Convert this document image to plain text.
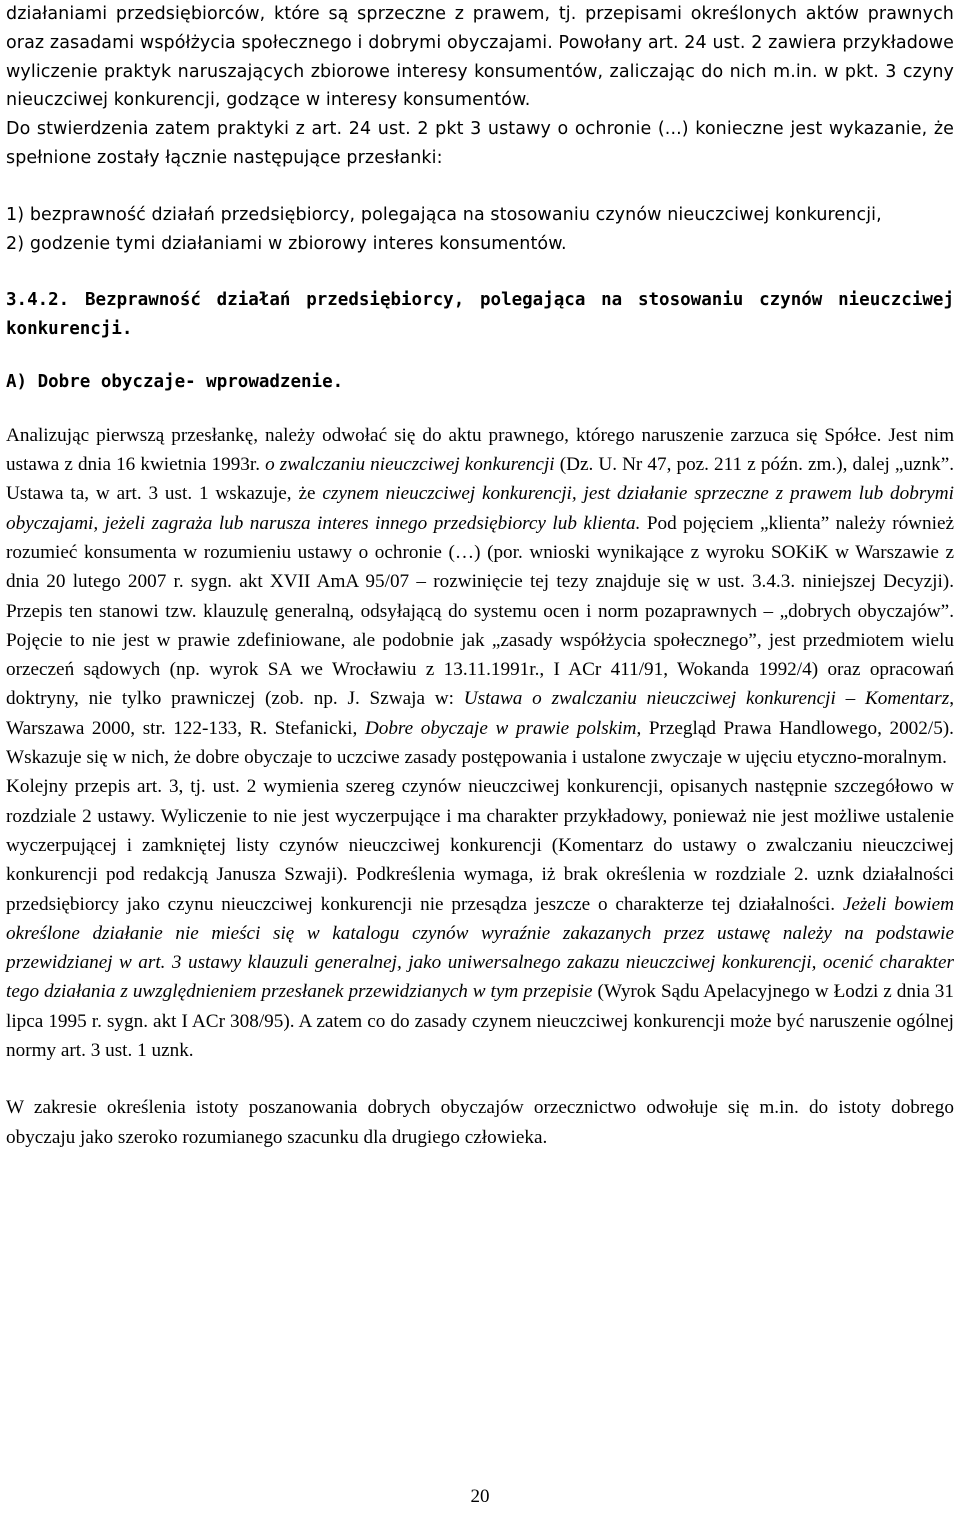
działaniami przedsiębiorców, które są sprzeczne z prawem, tj. przepisami określonych aktów prawnych oraz zasadami współżycia społecznego i dobrymi obyczajami. Powołany art. 24 ust. 2 zawiera przykładowe wyliczenie praktyk naruszających zbiorowe interesy konsumentów, zaliczając do nich m.in. w pkt. 3 czyny nieuczciwej konkurencji, godzące w interesy konsumentów.

Do stwierdzenia zatem praktyki z art. 24 ust. 2 pkt 3 ustawy o ochronie (...) konieczne jest wykazanie, że spełnione zostały łącznie następujące przesłanki:

1) bezprawność działań przedsiębiorcy, polegająca na stosowaniu czynów nieuczciwej konkurencji,

2) godzenie tymi działaniami w zbiorowy interes konsumentów.

3.4.2. Bezprawność działań przedsiębiorcy, polegająca na stosowaniu czynów nieuczciwej konkurencji.

A) Dobre obyczaje- wprowadzenie.

Analizując pierwszą przesłankę, należy odwołać się do aktu prawnego, którego naruszenie zarzuca się Spółce. Jest nim ustawa z dnia 16 kwietnia 1993r. o zwalczaniu nieuczciwej konkurencji (Dz. U. Nr 47, poz. 211 z późn. zm.), dalej „uznk”. Ustawa ta, w art. 3 ust. 1 wskazuje, że czynem nieuczciwej konkurencji, jest działanie sprzeczne z prawem lub dobrymi obyczajami, jeżeli zagraża lub narusza interes innego przedsiębiorcy lub klienta. Pod pojęciem „klienta” należy również rozumieć konsumenta w rozumieniu ustawy o ochronie (…) (por. wnioski wynikające z wyroku SOKiK w Warszawie z dnia 20 lutego 2007 r. sygn. akt XVII AmA 95/07 – rozwinięcie tej tezy znajduje się w ust. 3.4.3. niniejszej Decyzji). Przepis ten stanowi tzw. klauzulę generalną, odsyłającą do systemu ocen i norm pozaprawnych – „dobrych obyczajów”. Pojęcie to nie jest w prawie zdefiniowane, ale podobnie jak „zasady współżycia społecznego”, jest przedmiotem wielu orzeczeń sądowych (np. wyrok SA we Wrocławiu z 13.11.1991r., I ACr 411/91, Wokanda 1992/4) oraz opracowań doktryny, nie tylko prawniczej (zob. np. J. Szwaja w: Ustawa o zwalczaniu nieuczciwej konkurencji – Komentarz, Warszawa 2000, str. 122-133, R. Stefanicki, Dobre obyczaje w prawie polskim, Przegląd Prawa Handlowego, 2002/5). Wskazuje się w nich, że dobre obyczaje to uczciwe zasady postępowania i ustalone zwyczaje w ujęciu etyczno-moralnym.

Kolejny przepis art. 3, tj. ust. 2 wymienia szereg czynów nieuczciwej konkurencji, opisanych następnie szczegółowo w rozdziale 2 ustawy. Wyliczenie to nie jest wyczerpujące i ma charakter przykładowy, ponieważ nie jest możliwe ustalenie wyczerpującej i zamkniętej listy czynów nieuczciwej konkurencji (Komentarz do ustawy o zwalczaniu nieuczciwej konkurencji pod redakcją Janusza Szwaji). Podkreślenia wymaga, iż brak określenia w rozdziale 2. uznk działalności przedsiębiorcy jako czynu nieuczciwej konkurencji nie przesądza jeszcze o charakterze tej działalności. Jeżeli bowiem określone działanie nie mieści się w katalogu czynów wyraźnie zakazanych przez ustawę należy na podstawie przewidzianej w art. 3 ustawy klauzuli generalnej, jako uniwersalnego zakazu nieuczciwej konkurencji, ocenić charakter tego działania z uwzględnieniem przesłanek przewidzianych w tym przepisie (Wyrok Sądu Apelacyjnego w Łodzi z dnia 31 lipca 1995 r. sygn. akt I ACr 308/95). A zatem co do zasady czynem nieuczciwej konkurencji może być naruszenie ogólnej normy art. 3 ust. 1 uznk.

W zakresie określenia istoty poszanowania dobrych obyczajów orzecznictwo odwołuje się m.in. do istoty dobrego obyczaju jako szeroko rozumianego szacunku dla drugiego człowieka.

20
